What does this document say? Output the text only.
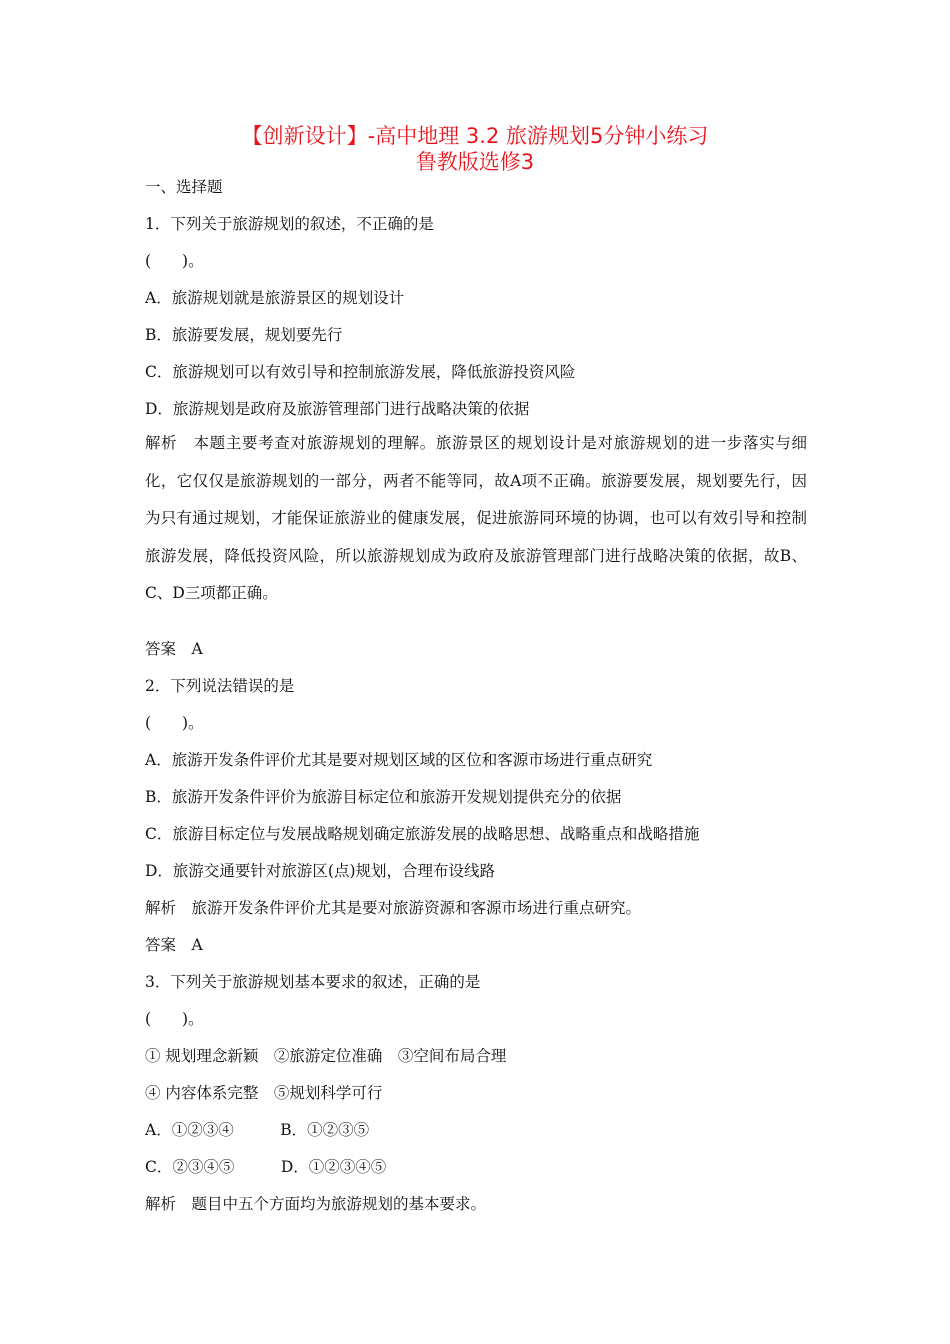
【创新设计】-高中地理 3.2 旅游规划5分钟小练习
鲁教版选修3
一、选择题
1．下列关于旅游规划的叙述，不正确的是
(　　)。
A．旅游规划就是旅游景区的规划设计
B．旅游要发展，规划要先行
C．旅游规划可以有效引导和控制旅游发展，降低旅游投资风险
D．旅游规划是政府及旅游管理部门进行战略决策的依据
解析　本题主要考查对旅游规划的理解。旅游景区的规划设计是对旅游规划的进一步落实与细化，它仅仅是旅游规划的一部分，两者不能等同，故A项不正确。旅游要发展，规划要先行，因为只有通过规划，才能保证旅游业的健康发展，促进旅游同环境的协调，也可以有效引导和控制旅游发展，降低投资风险，所以旅游规划成为政府及旅游管理部门进行战略决策的依据，故B、C、D三项都正确。
答案　A
2．下列说法错误的是
(　　)。
A．旅游开发条件评价尤其是要对规划区域的区位和客源市场进行重点研究
B．旅游开发条件评价为旅游目标定位和旅游开发规划提供充分的依据
C．旅游目标定位与发展战略规划确定旅游发展的战略思想、战略重点和战略措施
D．旅游交通要针对旅游区(点)规划，合理布设线路
解析　旅游开发条件评价尤其是要对旅游资源和客源市场进行重点研究。
答案　A
3．下列关于旅游规划基本要求的叙述，正确的是
(　　)。
① 规划理念新颖　②旅游定位准确　③空间布局合理
④ 内容体系完整　⑤规划科学可行
A．①②③④　　　B．①②③⑤
C．②③④⑤　　　D．①②③④⑤
解析　题目中五个方面均为旅游规划的基本要求。
